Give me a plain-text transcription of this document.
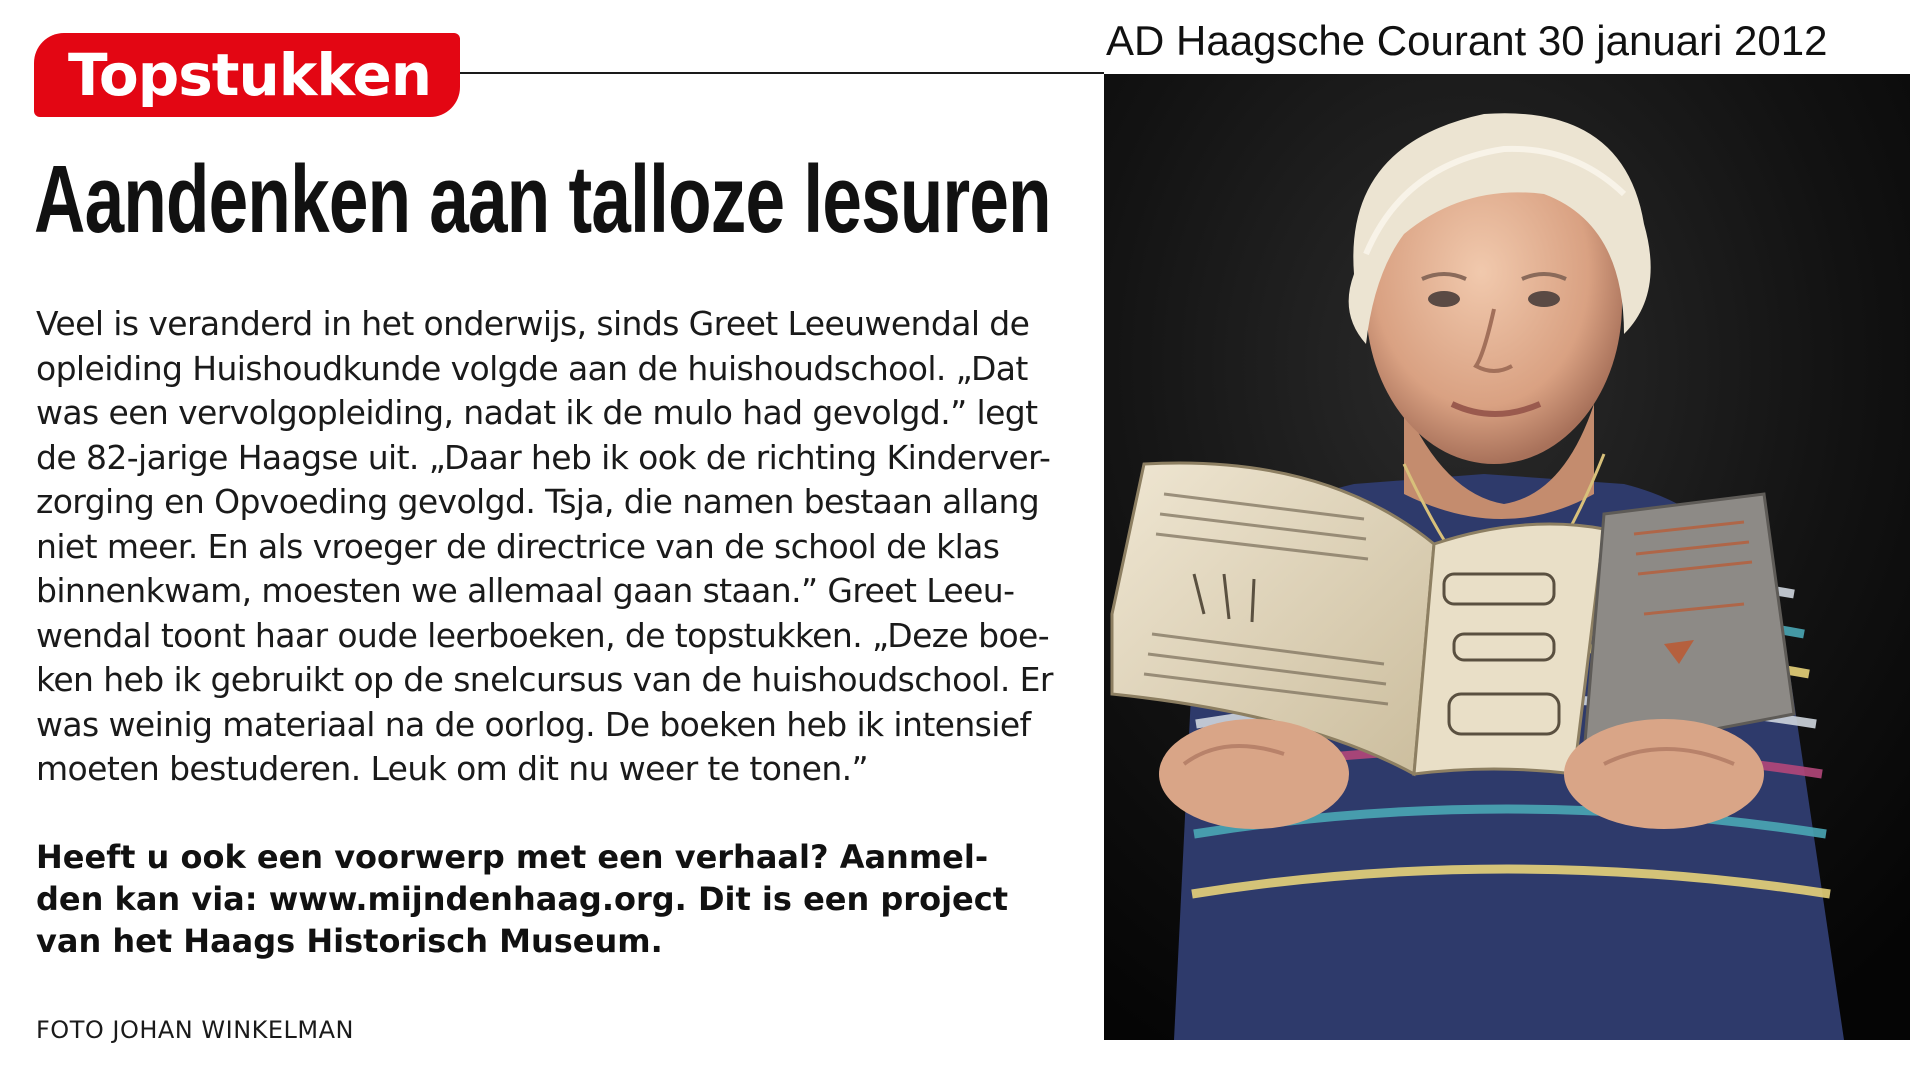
Topstukken
AD Haagsche Courant 30 januari 2012
Aandenken aan talloze lesuren
Veel is veranderd in het onderwijs, sinds Greet Leeuwendal de
opleiding Huishoudkunde volgde aan de huishoudschool. „Dat
was een vervolgopleiding, nadat ik de mulo had gevolgd.” legt
de 82-jarige Haagse uit. „Daar heb ik ook de richting Kinderver-
zorging en Opvoeding gevolgd. Tsja, die namen bestaan allang
niet meer. En als vroeger de directrice van de school de klas
binnenkwam, moesten we allemaal gaan staan.” Greet Leeu-
wendal toont haar oude leerboeken, de topstukken. „Deze boe-
ken heb ik gebruikt op de snelcursus van de huishoudschool. Er
was weinig materiaal na de oorlog. De boeken heb ik intensief
moeten bestuderen. Leuk om dit nu weer te tonen.”
Heeft u ook een voorwerp met een verhaal? Aanmel-
den kan via: www.mijndenhaag.org. Dit is een project
van het Haags Historisch Museum.
FOTO JOHAN WINKELMAN
